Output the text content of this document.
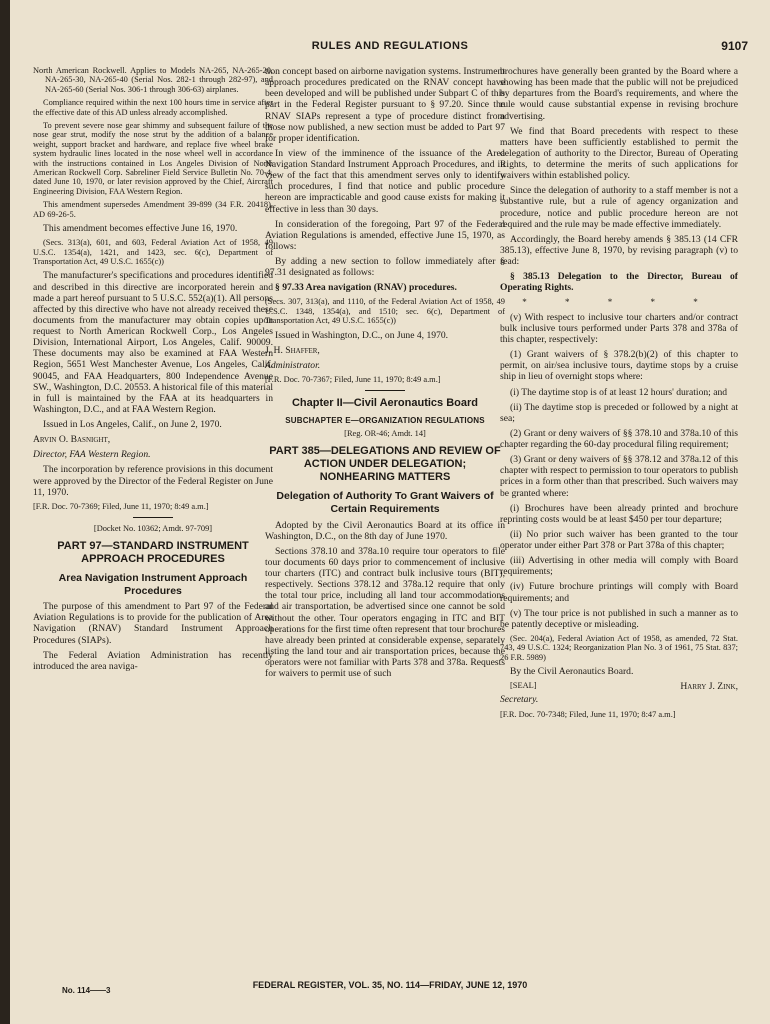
RULES AND REGULATIONS	9107

North American Rockwell. Applies to Models NA-265, NA-265-20, NA-265-30, NA-265-40 (Serial Nos. 282-1 through 282-97), and NA-265-60 (Serial Nos. 306-1 through 306-63) airplanes.

Compliance required within the next 100 hours time in service after the effective date of this AD unless already accomplished.

To prevent severe nose gear shimmy and subsequent failure of the nose gear strut, modify the nose strut by the addition of a balance weight, support bracket and hardware, and replace five wheel brake system hydraulic lines located in the nose wheel well in accordance with the instructions contained in Los Angeles Division of North American Rockwell Corp. Sabreliner Field Service Bulletin No. 70-4, dated June 10, 1970, or later revision approved by the Chief, Aircraft Engineering Division, FAA Western Region.

This amendment supersedes Amendment 39-899 (34 F.R. 20418), AD 69-26-5.

This amendment becomes effective June 16, 1970.

(Secs. 313(a), 601, and 603, Federal Aviation Act of 1958, 49 U.S.C. 1354(a), 1421, and 1423, sec. 6(c), Department of Transportation Act, 49 U.S.C. 1655(c))

The manufacturer's specifications and procedures identified and described in this directive are incorporated herein and made a part hereof pursuant to 5 U.S.C. 552(a)(1). All persons affected by this directive who have not already received these documents from the manufacturer may obtain copies upon request to North American Rockwell Corp., Los Angeles Division, International Airport, Los Angeles, Calif. 90009. These documents may also be examined at FAA Western Region, 5651 West Manchester Avenue, Los Angeles, Calif. 90045, and FAA Headquarters, 800 Independence Avenue SW., Washington, D.C. 20553. A historical file of this material in full is maintained by the FAA at its headquarters in Washington, D.C., and at FAA Western Region.

Issued in Los Angeles, Calif., on June 2, 1970.

Arvin O. Basnight,

Director, FAA Western Region.

The incorporation by reference provisions in this document were approved by the Director of the Federal Register on June 11, 1970.

[F.R. Doc. 70-7369; Filed, June 11, 1970; 8:49 a.m.]

[Docket No. 10362; Amdt. 97-709]

PART 97—STANDARD INSTRUMENT APPROACH PROCEDURES
Area Navigation Instrument Approach Procedures

The purpose of this amendment to Part 97 of the Federal Aviation Regulations is to provide for the publication of Area Navigation (RNAV) Standard Instrument Approach Procedures (SIAPs).

The Federal Aviation Administration has recently introduced the area naviga-

tion concept based on airborne navigation systems. Instrument approach procedures predicated on the RNAV concept have been developed and will be published under Subpart C of this part in the Federal Register pursuant to § 97.20. Since the RNAV SIAPs represent a type of procedure distinct from those now published, a new section must be added to Part 97 for proper identification.

In view of the imminence of the issuance of the Area Navigation Standard Instrument Approach Procedures, and in view of the fact that this amendment serves only to identify such procedures, I find that notice and public procedure hereon are impracticable and good cause exists for making it effective in less than 30 days.

In consideration of the foregoing, Part 97 of the Federal Aviation Regulations is amended, effective June 15, 1970, as follows:

By adding a new section to follow immediately after § 97.31 designated as follows:

§ 97.33 Area navigation (RNAV) procedures.

(Secs. 307, 313(a), and 1110, of the Federal Aviation Act of 1958, 49 U.S.C. 1348, 1354(a), and 1510; sec. 6(c), Department of Transportation Act, 49 U.S.C. 1655(c))

Issued in Washington, D.C., on June 4, 1970.

J. H. Shaffer,

Administrator.

[F.R. Doc. 70-7367; Filed, June 11, 1970; 8:49 a.m.]

Chapter II—Civil Aeronautics Board
SUBCHAPTER E—ORGANIZATION REGULATIONS

[Reg. OR-46; Amdt. 14]

PART 385—DELEGATIONS AND REVIEW OF ACTION UNDER DELEGATION; NONHEARING MATTERS
Delegation of Authority To Grant Waivers of Certain Requirements

Adopted by the Civil Aeronautics Board at its office in Washington, D.C., on the 8th day of June 1970.

Sections 378.10 and 378a.10 require tour operators to file tour documents 60 days prior to commencement of inclusive tour charters (ITC) and contract bulk inclusive tours (BIT), respectively. Sections 378.12 and 378a.12 require that only the total tour price, including all land tour accommodations and air transportation, be advertised since one cannot be sold without the other. Tour operators engaging in ITC and BIT operations for the first time often represent that tour brochures have already been printed at considerable expense, separately listing the land tour and air transportation prices, because the operators were not familiar with Parts 378 and 378a. Requests for waivers to permit use of such

brochures have generally been granted by the Board where a showing has been made that the public will not be prejudiced by departures from the Board's requirements, and where the rule would cause substantial expense in revising brochure advertising.

We find that Board precedents with respect to these matters have been sufficiently established to permit the delegation of authority to the Director, Bureau of Operating Rights, to determine the merits of such applications for waivers within established policy.

Since the delegation of authority to a staff member is not a substantive rule, but a rule of agency organization and procedure, notice and public procedure hereon are not required and the rule may be made effective immediately.

Accordingly, the Board hereby amends § 385.13 (14 CFR 385.13), effective June 8, 1970, by revising paragraph (v) to read:

§ 385.13 Delegation to the Director, Bureau of Operating Rights.

* * * * *

(v) With respect to inclusive tour charters and/or contract bulk inclusive tours performed under Parts 378 and 378a of this chapter, respectively:

(1) Grant waivers of § 378.2(b)(2) of this chapter to permit, on air/sea inclusive tours, daytime stops by a cruise ship in lieu of overnight stops where:

(i) The daytime stop is of at least 12 hours' duration; and

(ii) The daytime stop is preceded or followed by a night at sea;

(2) Grant or deny waivers of §§ 378.10 and 378a.10 of this chapter regarding the 60-day procedural filing requirement;

(3) Grant or deny waivers of §§ 378.12 and 378a.12 of this chapter with respect to permission to tour operators to publish prices in a form other than that prescribed. Such waivers may be granted where:

(i) Brochures have been already printed and brochure reprinting costs would be at least $450 per tour departure;

(ii) No prior such waiver has been granted to the tour operator under either Part 378 or Part 378a of this chapter;

(iii) Advertising in other media will comply with Board requirements;

(iv) Future brochure printings will comply with Board requirements; and

(v) The tour price is not published in such a manner as to be patently deceptive or misleading.

(Sec. 204(a), Federal Aviation Act of 1958, as amended, 72 Stat. 743, 49 U.S.C. 1324; Reorganization Plan No. 3 of 1961, 75 Stat. 837; 26 F.R. 5989)

By the Civil Aeronautics Board.

[SEAL]	Harry J. Zink,

Secretary.

[F.R. Doc. 70-7348; Filed, June 11, 1970; 8:47 a.m.]

No. 114——3
FEDERAL REGISTER, VOL. 35, NO. 114—FRIDAY, JUNE 12, 1970
